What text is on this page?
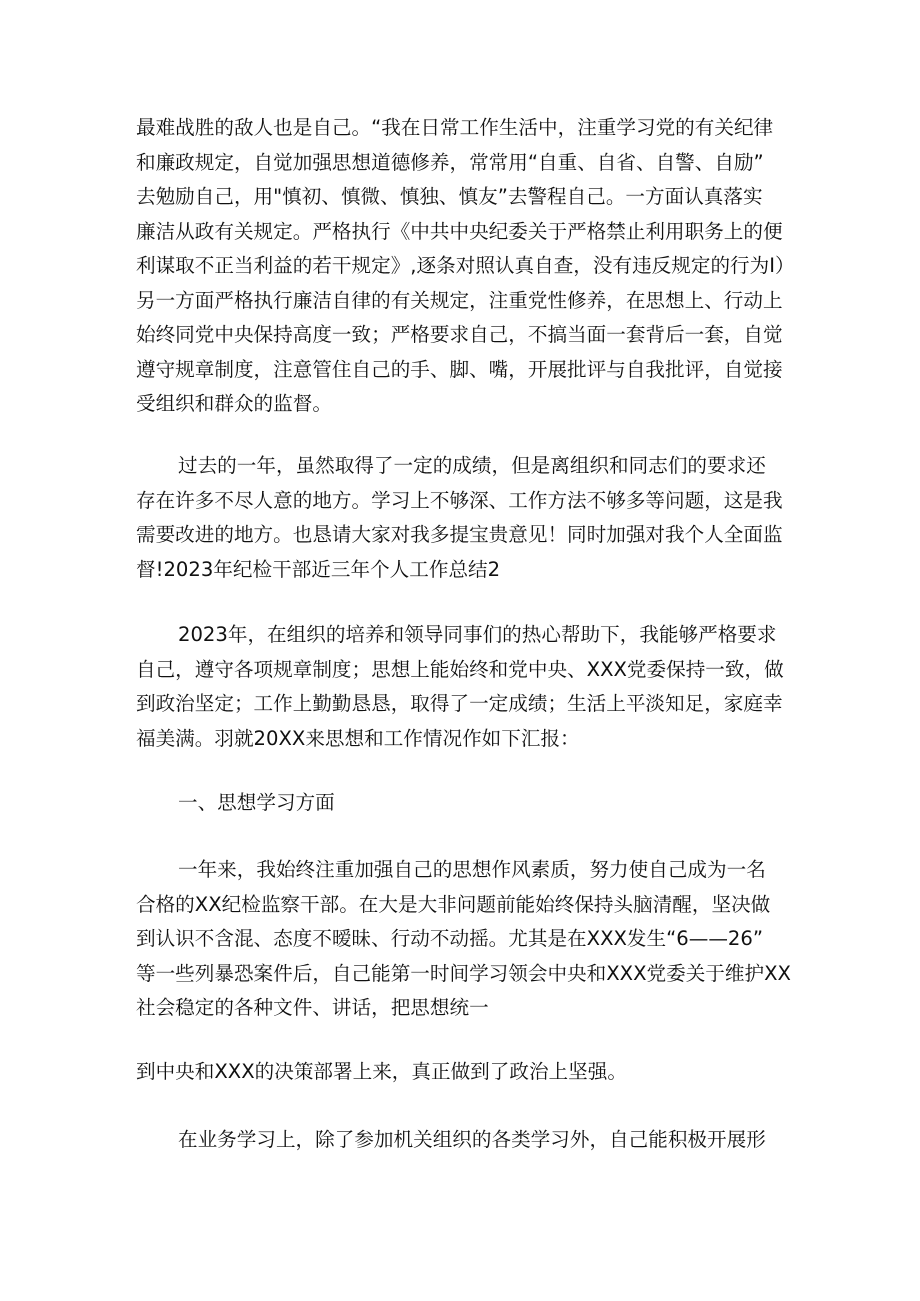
最难战胜的敌人也是自己。“我在日常工作生活中，注重学习党的有关纪律
和廉政规定，自觉加强思想道德修养，常常用“自重、自省、自警、自励”
去勉励自己，用"慎初、慎微、慎独、慎友”去警程自己。一方面认真落实
廉洁从政有关规定。严格执行《中共中央纪委关于严格禁止利用职务上的便
利谋取不正当利益的若干规定》,逐条对照认真自查，没有违反规定的行为I）
另一方面严格执行廉洁自律的有关规定，注重党性修养，在思想上、行动上
始终同党中央保持高度一致；严格要求自己，不搞当面一套背后一套，自觉
遵守规章制度，注意管住自己的手、脚、嘴，开展批评与自我批评，自觉接
受组织和群众的监督。
过去的一年，虽然取得了一定的成绩，但是离组织和同志们的要求还
存在许多不尽人意的地方。学习上不够深、工作方法不够多等问题，这是我
需要改进的地方。也恳请大家对我多提宝贵意见！同时加强对我个人全面监
督!2023年纪检干部近三年个人工作总结2
2023年，在组织的培养和领导同事们的热心帮助下，我能够严格要求
自己，遵守各项规章制度；思想上能始终和党中央、XXX党委保持一致，做
到政治坚定；工作上勤勤恳恳，取得了一定成绩；生活上平淡知足，家庭幸
福美满。羽就20XX来思想和工作情况作如下汇报：
一、思想学习方面
一年来，我始终注重加强自己的思想作风素质，努力使自己成为一名
合格的XX纪检监察干部。在大是大非问题前能始终保持头脑清醒，坚决做
到认识不含混、态度不暧昧、行动不动摇。尤其是在XXX发生“6——26”
等一些列暴恐案件后，自己能第一时间学习领会中央和XXX党委关于维护XX
社会稳定的各种文件、讲话，把思想统一
到中央和XXX的决策部署上来，真正做到了政治上坚强。
在业务学习上，除了参加机关组织的各类学习外，自己能积极开展形
